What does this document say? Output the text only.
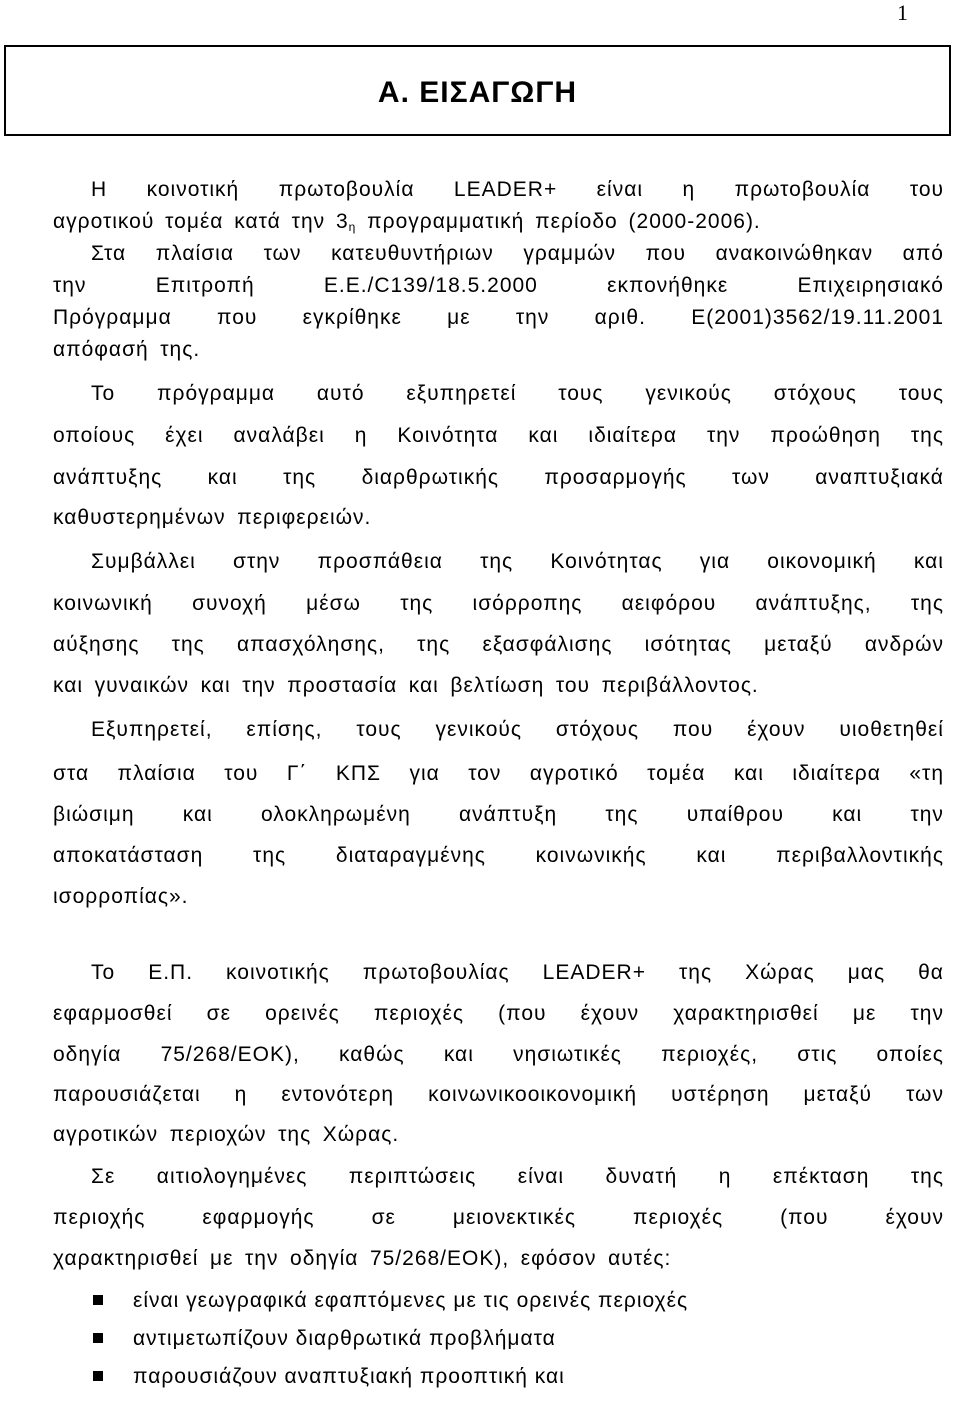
1
Α. ΕΙΣΑΓΩΓΗ
Η κοινοτική πρωτοβουλία LEADER+ είναι η πρωτοβουλία του
αγροτικού τομέα κατά την $3_\eta$ προγραμματική περίοδο (2000-2006).
Στα πλαίσια των κατευθυντήριων γραμμών που ανακοινώθηκαν από
την	Επιτροπή	Ε.Ε./C139/18.5.2000	εκπονήθηκε	Επιχειρησιακό
Πρόγραμμα που εγκρίθηκε με την αριθ. Ε(2001)3562/19.11.2001
απόφασή της.
Το πρόγραμμα αυτό εξυπηρετεί τους γενικούς στόχους τους
οποίους έχει αναλάβει η Κοινότητα και ιδιαίτερα την προώθηση της
ανάπτυξης και της διαρθρωτικής προσαρμογής των αναπτυξιακά
καθυστερημένων περιφερειών.
Συμβάλλει στην προσπάθεια της Κοινότητας για οικονομική και
κοινωνική συνοχή μέσω της ισόρροπης αειφόρου ανάπτυξης, της
αύξησης της απασχόλησης, της εξασφάλισης ισότητας μεταξύ ανδρών
και γυναικών και την προστασία και βελτίωση του περιβάλλοντος.
Εξυπηρετεί, επίσης, τους γενικούς στόχους που έχουν υιοθετηθεί
στα πλαίσια του Γ΄ ΚΠΣ για τον αγροτικό τομέα και ιδιαίτερα «τη
βιώσιμη και ολοκληρωμένη ανάπτυξη της υπαίθρου και την
αποκατάσταση της διαταραγμένης κοινωνικής και περιβαλλοντικής
ισορροπίας».
Το Ε.Π. κοινοτικής πρωτοβουλίας LEADER+ της Χώρας μας θα
εφαρμοσθεί σε ορεινές περιοχές (που έχουν χαρακτηρισθεί με την
οδηγία 75/268/ΕΟΚ), καθώς και νησιωτικές περιοχές, στις οποίες
παρουσιάζεται η εντονότερη κοινωνικοοικονομική υστέρηση μεταξύ των
αγροτικών περιοχών της Χώρας.
Σε αιτιολογημένες περιπτώσεις είναι δυνατή η επέκταση της
περιοχής	εφαρμογής	σε	μειονεκτικές	περιοχές	(που	έχουν
χαρακτηρισθεί με την οδηγία 75/268/ΕΟΚ), εφόσον αυτές:
είναι γεωγραφικά εφαπτόμενες με τις ορεινές περιοχές
αντιμετωπίζουν διαρθρωτικά προβλήματα
παρουσιάζουν αναπτυξιακή προοπτική και
